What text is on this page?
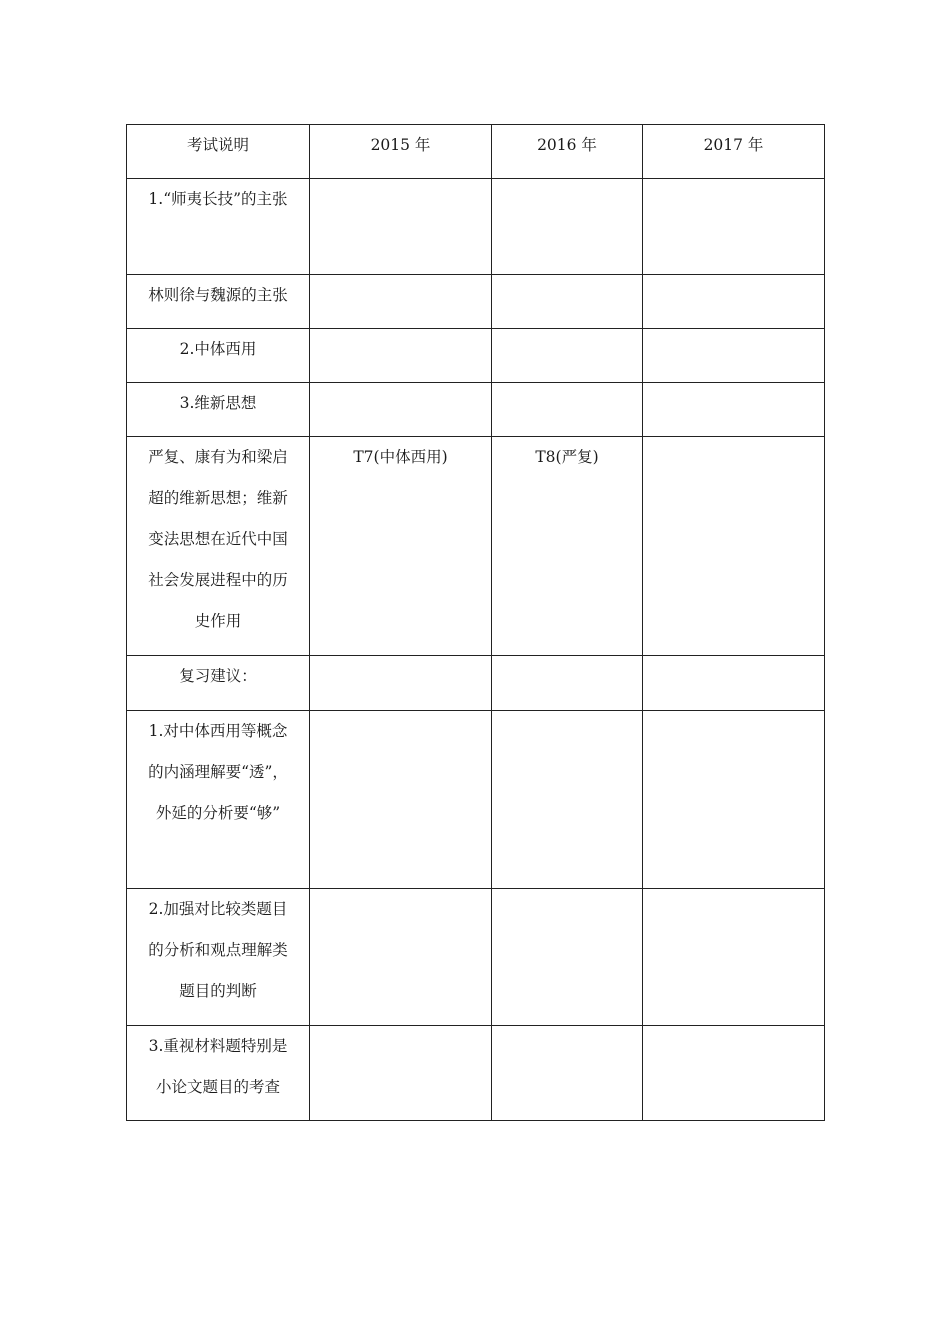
考试说明	2015 年	2016 年	2017 年
1.“师夷长技”的主张			
林则徐与魏源的主张			
2.中体西用			
3.维新思想			
严复、康有为和梁启超的维新思想；维新变法思想在近代中国社会发展进程中的历史作用	T7(中体西用)	T8(严复)	
复习建议：			
1.对中体西用等概念的内涵理解要“透”，外延的分析要“够”			
2.加强对比较类题目的分析和观点理解类题目的判断			
3.重视材料题特别是小论文题目的考查			
